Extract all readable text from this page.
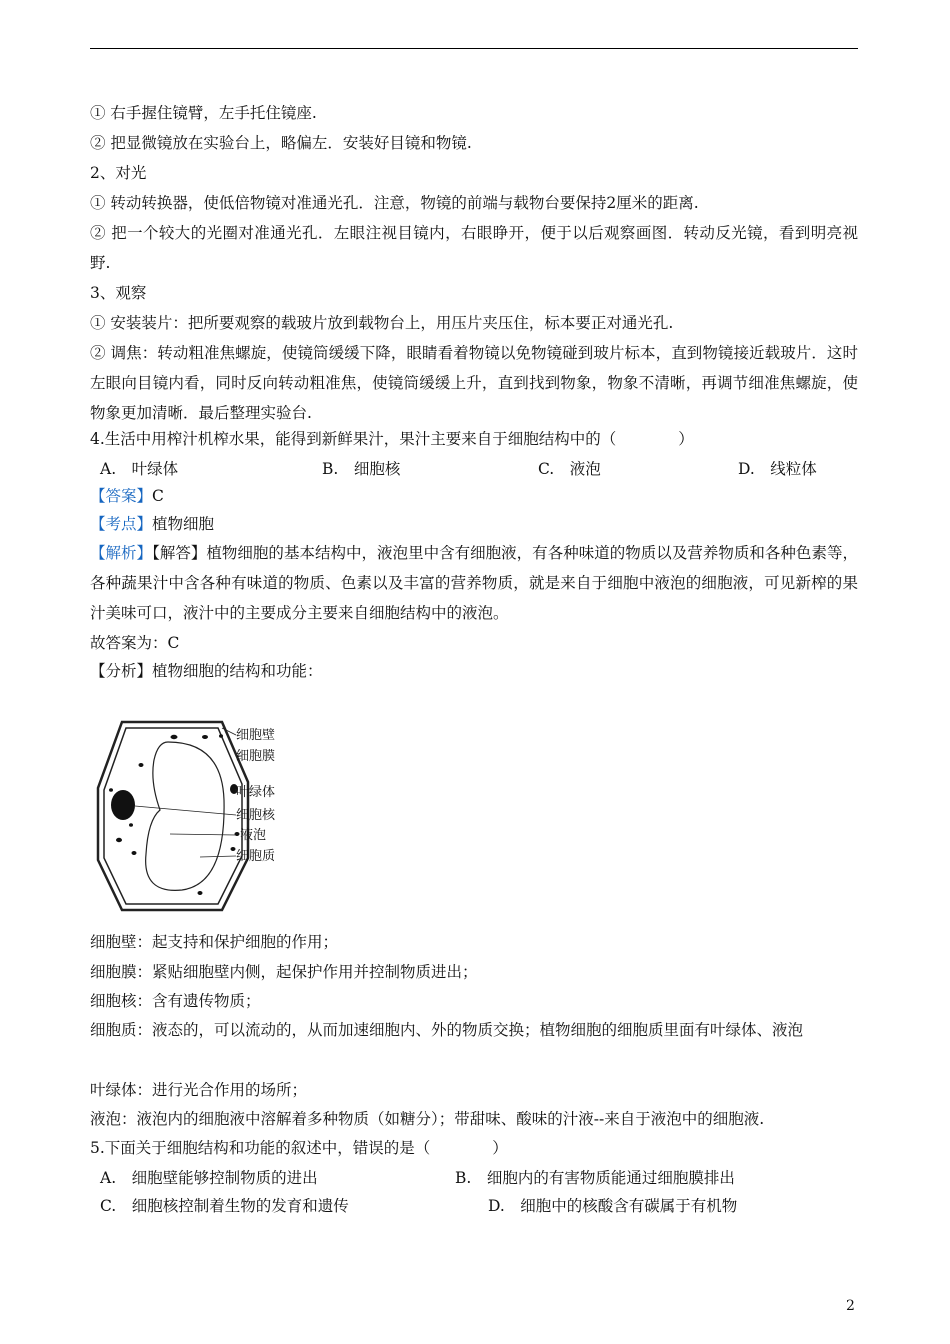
① 右手握住镜臂，左手托住镜座.
② 把显微镜放在实验台上，略偏左．安装好目镜和物镜.
2、对光
① 转动转换器，使低倍物镜对准通光孔．注意，物镜的前端与载物台要保持2厘米的距离.
② 把一个较大的光圈对准通光孔．左眼注视目镜内，右眼睁开，便于以后观察画图．转动反光镜，看到明亮视野.
3、观察
① 安装装片：把所要观察的载玻片放到载物台上，用压片夹压住，标本要正对通光孔.
② 调焦：转动粗准焦螺旋，使镜筒缓缓下降，眼睛看着物镜以免物镜碰到玻片标本，直到物镜接近载玻片．这时左眼向目镜内看，同时反向转动粗准焦，使镜筒缓缓上升，直到找到物象，物象不清晰，再调节细准焦螺旋，使物象更加清晰．最后整理实验台.
4.生活中用榨汁机榨水果，能得到新鲜果汁，果汁主要来自于细胞结构中的（　　　　）
A.　叶绿体	B.　细胞核	C.　液泡	D.　线粒体
【答案】C
【考点】植物细胞
【解析】【解答】植物细胞的基本结构中，液泡里中含有细胞液，有各种味道的物质以及营养物质和各种色素等，各种蔬果汁中含各种有味道的物质、色素以及丰富的营养物质，就是来自于细胞中液泡的细胞液，可见新榨的果汁美味可口，液汁中的主要成分主要来自细胞结构中的液泡。
故答案为：C
【分析】植物细胞的结构和功能：
细胞壁
细胞膜
叶绿体
细胞核
液泡
细胞质
细胞壁：起支持和保护细胞的作用；
细胞膜：紧贴细胞壁内侧，起保护作用并控制物质进出；
细胞核：含有遗传物质；
细胞质：液态的，可以流动的，从而加速细胞内、外的物质交换；植物细胞的细胞质里面有叶绿体、液泡
叶绿体：进行光合作用的场所；
液泡：液泡内的细胞液中溶解着多种物质（如糖分）；带甜味、酸味的汁液--来自于液泡中的细胞液.
5.下面关于细胞结构和功能的叙述中，错误的是（　　　　）
A.　细胞壁能够控制物质的进出	B.　细胞内的有害物质能通过细胞膜排出
C.　细胞核控制着生物的发育和遗传	D.　细胞中的核酸含有碳属于有机物
2
